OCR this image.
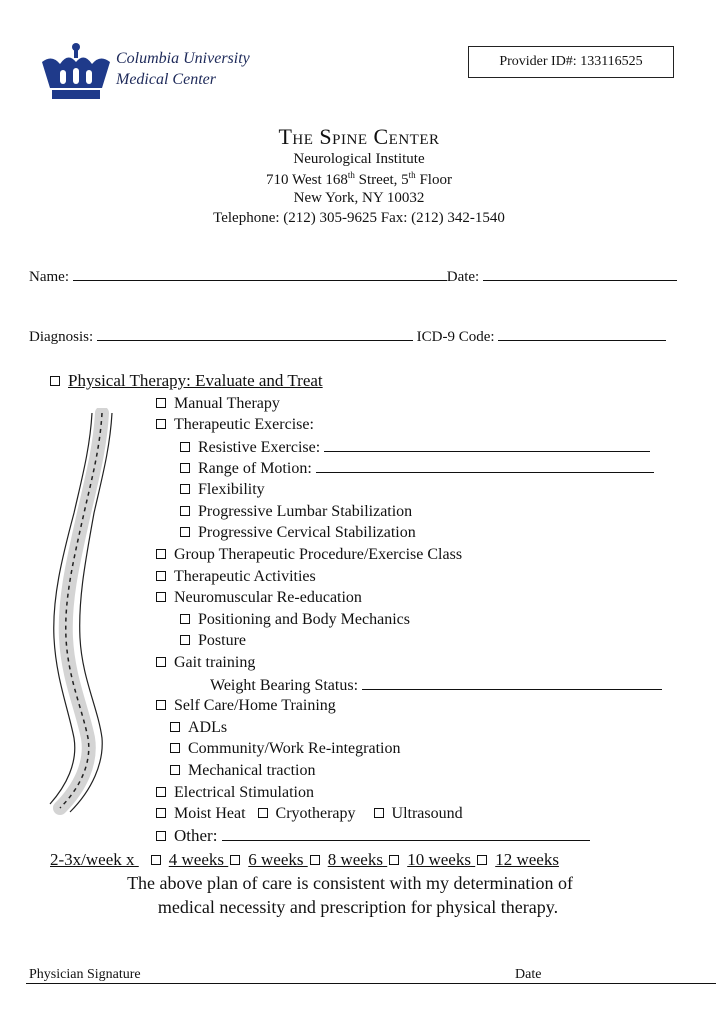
Columbia University
Medical Center
Provider ID#: 133116525
The Spine Center
Neurological Institute
710 West 168th Street, 5th Floor
New York, NY 10032
Telephone: (212) 305-9625 Fax: (212) 342-1540
Name:	Date:
Diagnosis:	ICD-9 Code:
Physical Therapy: Evaluate and Treat
Manual Therapy
Therapeutic Exercise:
Resistive Exercise:
Range of Motion:
Flexibility
Progressive Lumbar Stabilization
Progressive Cervical Stabilization
Group Therapeutic Procedure/Exercise Class
Therapeutic Activities
Neuromuscular Re-education
Positioning and Body Mechanics
Posture
Gait training
Weight Bearing Status:
Self Care/Home Training
ADLs
Community/Work Re-integration
Mechanical traction
Electrical Stimulation
Moist Heat Cryotherapy Ultrasound
Other:
2-3x/week x 4 weeks 6 weeks 8 weeks 10 weeks 12 weeks
The above plan of care is consistent with my determination of
medical necessity and prescription for physical therapy.
Physician Signature	Date
